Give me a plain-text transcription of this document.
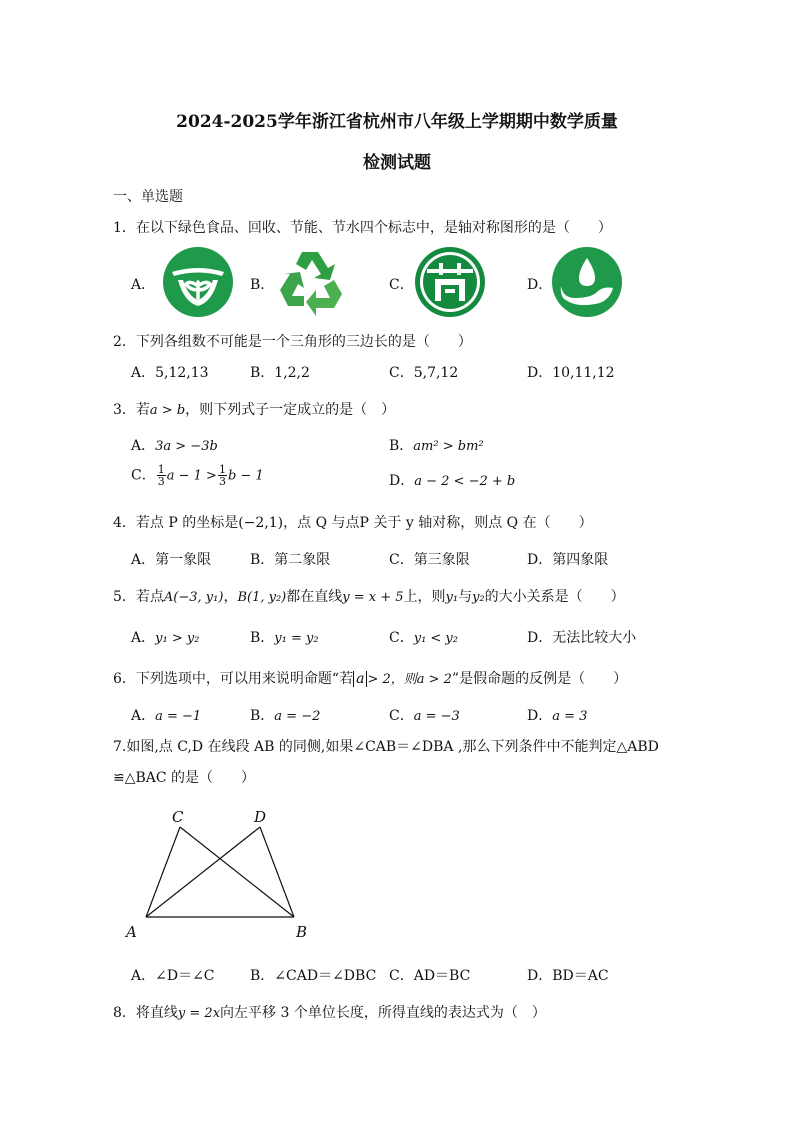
2024-2025学年浙江省杭州市八年级上学期期中数学质量
检测试题
一、单选题
1．在以下绿色食品、回收、节能、节水四个标志中，是轴对称图形的是（　　）
A．	B．	C．	D．
2．下列各组数不可能是一个三角形的三边长的是（　　）
A．5,12,13	B．1,2,2	C．5,7,12	D．10,11,12
3．若a > b，则下列式子一定成立的是（　）
A．3a > −3b	B．am² > bm²
C． $\frac{1}{3}$ $a - 1 > \frac{1}{3}$ b − 1	D．a − 2 < −2 + b
4．若点 P 的坐标是(−2,1)，点 Q 与点P 关于 y 轴对称，则点 Q 在（　　）
A．第一象限	B．第二象限	C．第三象限	D．第四象限
5．若点A(−3, y₁)，B(1, y₂)都在直线y = x + 5上，则y₁与y₂的大小关系是（　　）
A．y₁ > y₂	B．y₁ = y₂	C．y₁ < y₂	D．无法比较大小
6．下列选项中，可以用来说明命题“若 a > 2，则a > 2”是假命题的反例是（　　）
A．a = −1	B．a = −2	C．a = −3	D．a = 3
7.如图,点 C,D 在线段 AB 的同侧,如果∠CAB＝∠DBA ,那么下列条件中不能判定△ABD
≌△BAC 的是（　　）
C	D
A	B
A．∠D＝∠C	B．∠CAD＝∠DBC C．AD＝BC	D．BD＝AC
8．将直线y = 2x向左平移 3 个单位长度，所得直线的表达式为（　）
